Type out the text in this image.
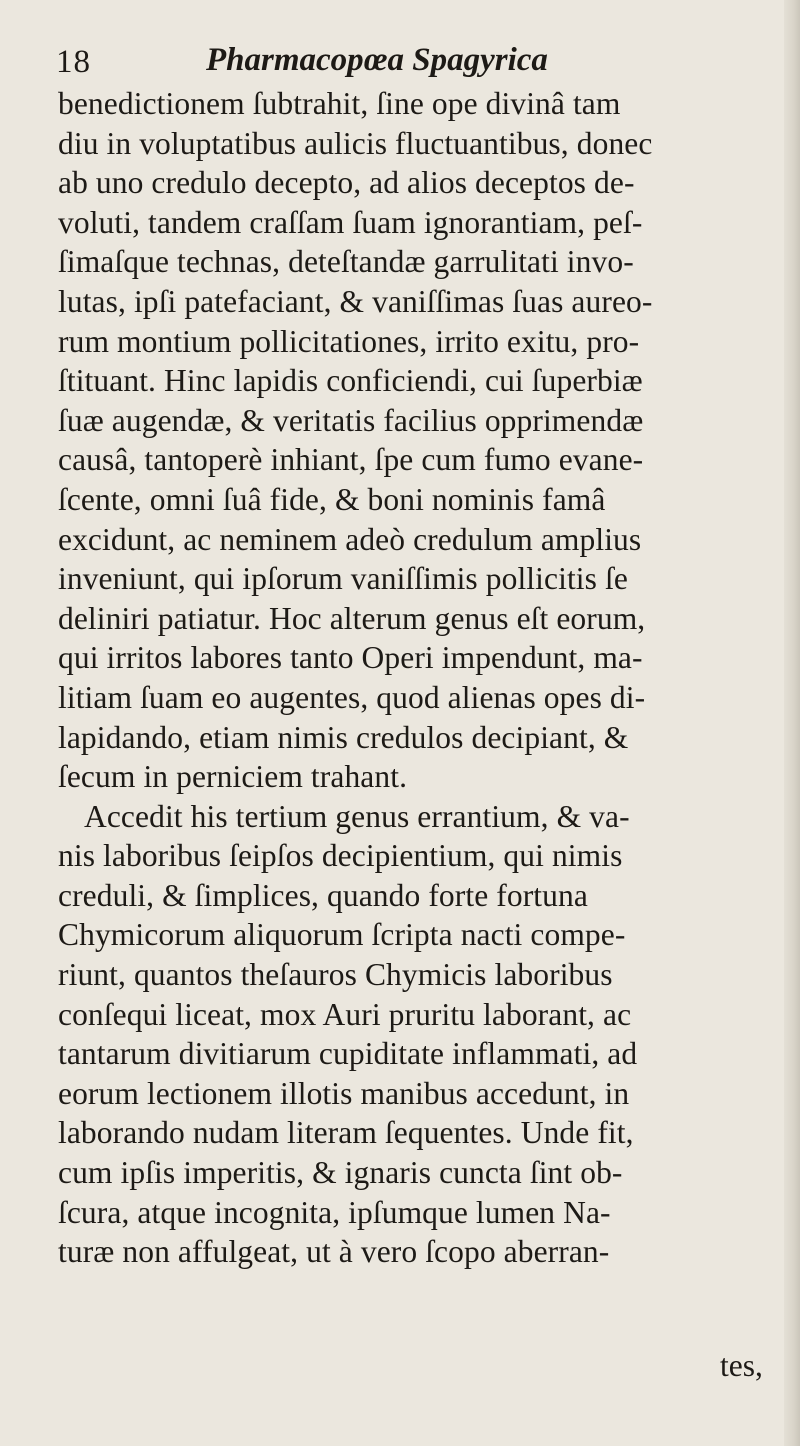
18	Pharmacopœa Spagyrica
benedictionem ſubtrahit, ſine ope divinâ tam
diu in voluptatibus aulicis fluctuantibus, donec
ab uno credulo decepto, ad alios deceptos de-
voluti, tandem craſſam ſuam ignorantiam, peſ-
ſimaſque technas, deteſtandæ garrulitati invo-
lutas, ipſi patefaciant, & vaniſſimas ſuas aureo-
rum montium pollicitationes, irrito exitu, pro-
ſtituant. Hinc lapidis conficiendi, cui ſuperbiæ
ſuæ augendæ, & veritatis facilius opprimendæ
causâ, tantoperè inhiant, ſpe cum fumo evane-
ſcente, omni ſuâ fide, & boni nominis famâ
excidunt, ac neminem adeò credulum amplius
inveniunt, qui ipſorum vaniſſimis pollicitis ſe
deliniri patiatur. Hoc alterum genus eſt eorum,
qui irritos labores tanto Operi impendunt, ma-
litiam ſuam eo augentes, quod alienas opes di-
lapidando, etiam nimis credulos decipiant, &
ſecum in perniciem trahant.
Accedit his tertium genus errantium, & va-
nis laboribus ſeipſos decipientium, qui nimis
creduli, & ſimplices, quando forte fortuna
Chymicorum aliquorum ſcripta nacti compe-
riunt, quantos theſauros Chymicis laboribus
conſequi liceat, mox Auri pruritu laborant, ac
tantarum divitiarum cupiditate inflammati, ad
eorum lectionem illotis manibus accedunt, in
laborando nudam literam ſequentes. Unde fit,
cum ipſis imperitis, & ignaris cuncta ſint ob-
ſcura, atque incognita, ipſumque lumen Na-
turæ non affulgeat, ut à vero ſcopo aberran-
tes,
